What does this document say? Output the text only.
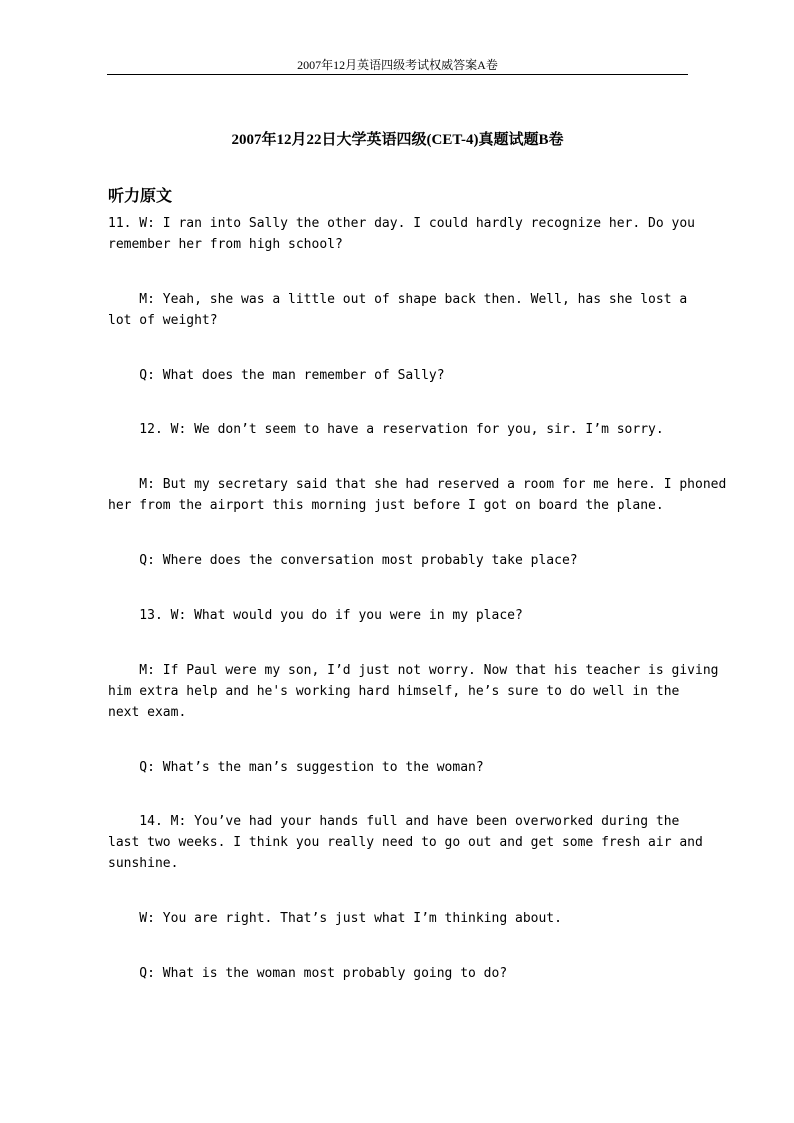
2007年12月英语四级考试权威答案A卷
2007年12月22日大学英语四级(CET-4)真题试题B卷
听力原文

11. W: I ran into Sally the other day. I could hardly recognize her. Do you
remember her from high school?

M: Yeah, she was a little out of shape back then. Well, has she lost a
lot of weight?

Q: What does the man remember of Sally?

12. W: We don’t seem to have a reservation for you, sir. I’m sorry.

M: But my secretary said that she had reserved a room for me here. I phoned
her from the airport this morning just before I got on board the plane.

Q: Where does the conversation most probably take place?

13. W: What would you do if you were in my place?

M: If Paul were my son, I’d just not worry. Now that his teacher is giving
him extra help and he's working hard himself, he’s sure to do well in the
next exam.

Q: What’s the man’s suggestion to the woman?

14. M: You’ve had your hands full and have been overworked during the
last two weeks. I think you really need to go out and get some fresh air and
sunshine.

W: You are right. That’s just what I’m thinking about.

Q: What is the woman most probably going to do?
